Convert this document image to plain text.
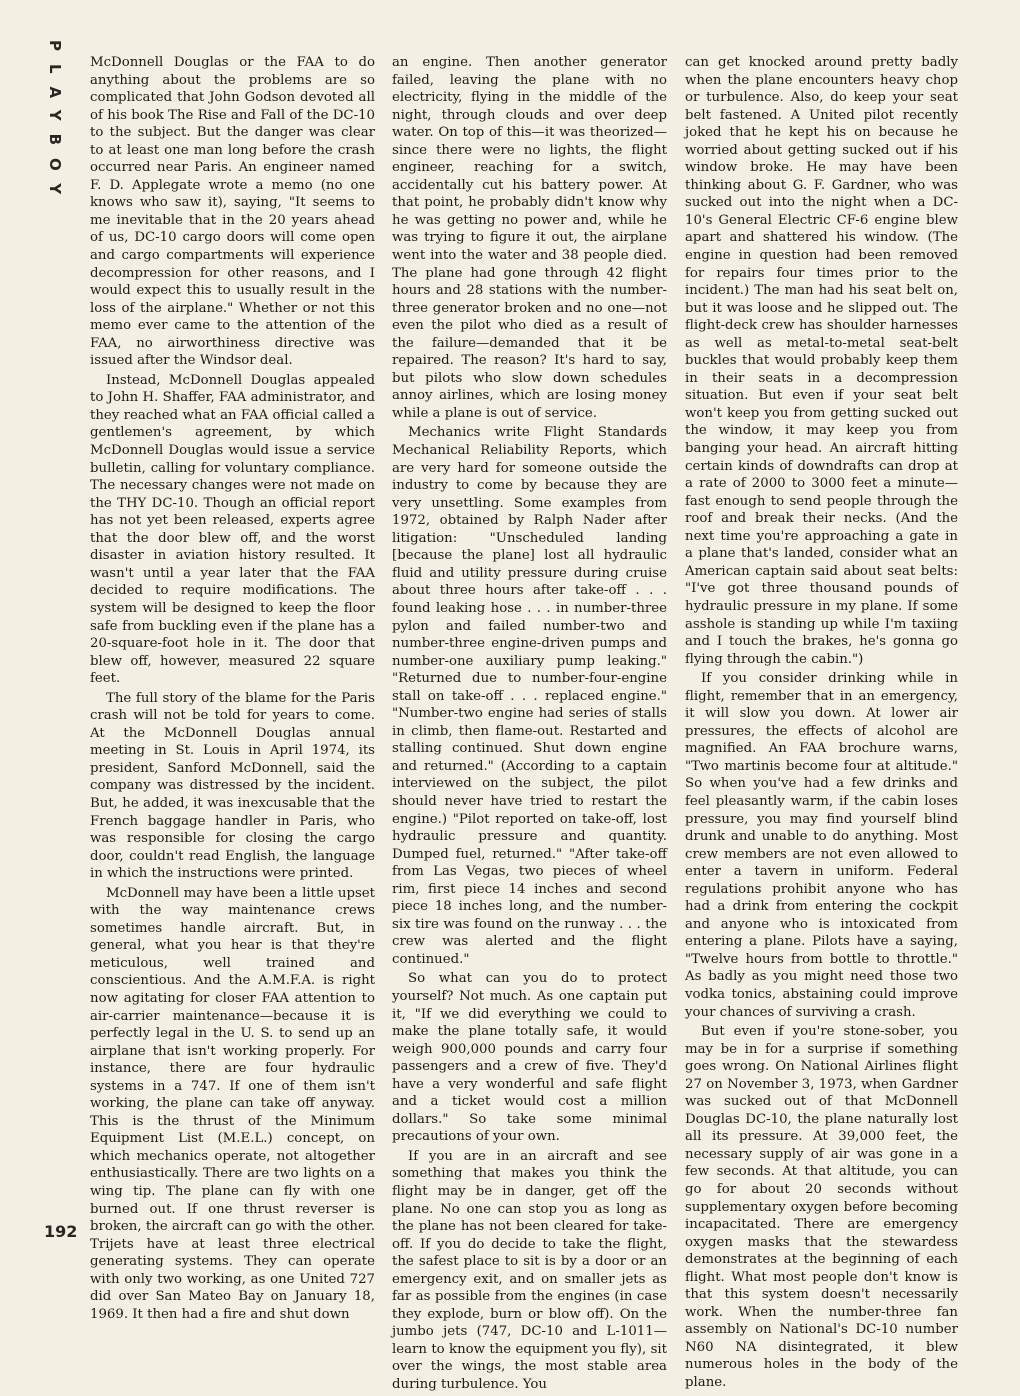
PLAYBOY McDonnell Douglas or the FAA to do anything about the problems are so complicated that John Godson devoted all of his book The Rise and Fall of the DC-10 to the subject. But the danger was clear to at least one man long before the crash occurred near Paris. An engineer named F. D. Applegate wrote a memo (no one knows who saw it), saying, "It seems to me inevitable that in the 20 years ahead of us, DC-10 cargo doors will come open and cargo compartments will experience decompression for other reasons, and I would expect this to usually result in the loss of the airplane." Whether or not this memo ever came to the attention of the FAA, no airworthiness directive was issued after the Windsor deal.

Instead, McDonnell Douglas appealed to John H. Shaffer, FAA administrator, and they reached what an FAA official called a gentlemen's agreement, by which McDonnell Douglas would issue a service bulletin, calling for voluntary compliance. The necessary changes were not made on the THY DC-10. Though an official report has not yet been released, experts agree that the door blew off, and the worst disaster in aviation history resulted. It wasn't until a year later that the FAA decided to require modifications. The system will be designed to keep the floor safe from buckling even if the plane has a 20-square-foot hole in it. The door that blew off, however, measured 22 square feet.

The full story of the blame for the Paris crash will not be told for years to come. At the McDonnell Douglas annual meeting in St. Louis in April 1974, its president, Sanford McDonnell, said the company was distressed by the incident. But, he added, it was inexcusable that the French baggage handler in Paris, who was responsible for closing the cargo door, couldn't read English, the language in which the instructions were printed.

McDonnell may have been a little upset with the way maintenance crews sometimes handle aircraft. But, in general, what you hear is that they're meticulous, well trained and conscientious. And the A.M.F.A. is right now agitating for closer FAA attention to air-carrier maintenance—because it is perfectly legal in the U. S. to send up an airplane that isn't working properly. For instance, there are four hydraulic systems in a 747. If one of them isn't working, the plane can take off anyway. This is the thrust of the Minimum Equipment List (M.E.L.) concept, on which mechanics operate, not altogether enthusiastically. There are two lights on a wing tip. The plane can fly with one burned out. If one thrust reverser is broken, the aircraft can go with the other. Trijets have at least three electrical generating systems. They can operate with only two working, as one United 727 did over San Mateo Bay on January 18, 1969. It then had a fire and shut down

an engine. Then another generator failed, leaving the plane with no electricity, flying in the middle of the night, through clouds and over deep water. On top of this—it was theorized—since there were no lights, the flight engineer, reaching for a switch, accidentally cut his battery power. At that point, he probably didn't know why he was getting no power and, while he was trying to figure it out, the airplane went into the water and 38 people died. The plane had gone through 42 flight hours and 28 stations with the number-three generator broken and no one—not even the pilot who died as a result of the failure—demanded that it be repaired. The reason? It's hard to say, but pilots who slow down schedules annoy airlines, which are losing money while a plane is out of service.

Mechanics write Flight Standards Mechanical Reliability Reports, which are very hard for someone outside the industry to come by because they are very unsettling. Some examples from 1972, obtained by Ralph Nader after litigation: "Unscheduled landing [because the plane] lost all hydraulic fluid and utility pressure during cruise about three hours after take-off . . . found leaking hose . . . in number-three pylon and failed number-two and number-three engine-driven pumps and number-one auxiliary pump leaking." "Returned due to number-four-engine stall on take-off . . . replaced engine." "Number-two engine had series of stalls in climb, then flame-out. Restarted and stalling continued. Shut down engine and returned." (According to a captain interviewed on the subject, the pilot should never have tried to restart the engine.) "Pilot reported on take-off, lost hydraulic pressure and quantity. Dumped fuel, returned." "After take-off from Las Vegas, two pieces of wheel rim, first piece 14 inches and second piece 18 inches long, and the number-six tire was found on the runway . . . the crew was alerted and the flight continued."

So what can you do to protect yourself? Not much. As one captain put it, "If we did everything we could to make the plane totally safe, it would weigh 900,000 pounds and carry four passengers and a crew of five. They'd have a very wonderful and safe flight and a ticket would cost a million dollars." So take some minimal precautions of your own.

If you are in an aircraft and see something that makes you think the flight may be in danger, get off the plane. No one can stop you as long as the plane has not been cleared for take-off. If you do decide to take the flight, the safest place to sit is by a door or an emergency exit, and on smaller jets as far as possible from the engines (in case they explode, burn or blow off). On the jumbo jets (747, DC-10 and L-1011—learn to know the equipment you fly), sit over the wings, the most stable area during turbulence. You

can get knocked around pretty badly when the plane encounters heavy chop or turbulence. Also, do keep your seat belt fastened. A United pilot recently joked that he kept his on because he worried about getting sucked out if his window broke. He may have been thinking about G. F. Gardner, who was sucked out into the night when a DC-10's General Electric CF-6 engine blew apart and shattered his window. (The engine in question had been removed for repairs four times prior to the incident.) The man had his seat belt on, but it was loose and he slipped out. The flight-deck crew has shoulder harnesses as well as metal-to-metal seat-belt buckles that would probably keep them in their seats in a decompression situation. But even if your seat belt won't keep you from getting sucked out the window, it may keep you from banging your head. An aircraft hitting certain kinds of downdrafts can drop at a rate of 2000 to 3000 feet a minute—fast enough to send people through the roof and break their necks. (And the next time you're approaching a gate in a plane that's landed, consider what an American captain said about seat belts: "I've got three thousand pounds of hydraulic pressure in my plane. If some asshole is standing up while I'm taxiing and I touch the brakes, he's gonna go flying through the cabin.")

If you consider drinking while in flight, remember that in an emergency, it will slow you down. At lower air pressures, the effects of alcohol are magnified. An FAA brochure warns, "Two martinis become four at altitude." So when you've had a few drinks and feel pleasantly warm, if the cabin loses pressure, you may find yourself blind drunk and unable to do anything. Most crew members are not even allowed to enter a tavern in uniform. Federal regulations prohibit anyone who has had a drink from entering the cockpit and anyone who is intoxicated from entering a plane. Pilots have a saying, "Twelve hours from bottle to throttle." As badly as you might need those two vodka tonics, abstaining could improve your chances of surviving a crash.

But even if you're stone-sober, you may be in for a surprise if something goes wrong. On National Airlines flight 27 on November 3, 1973, when Gardner was sucked out of that McDonnell Douglas DC-10, the plane naturally lost all its pressure. At 39,000 feet, the necessary supply of air was gone in a few seconds. At that altitude, you can go for about 20 seconds without supplementary oxygen before becoming incapacitated. There are emergency oxygen masks that the stewardess demonstrates at the beginning of each flight. What most people don't know is that this system doesn't necessarily work. When the number-three fan assembly on National's DC-10 number N60 NA disintegrated, it blew numerous holes in the body of the plane.

192
